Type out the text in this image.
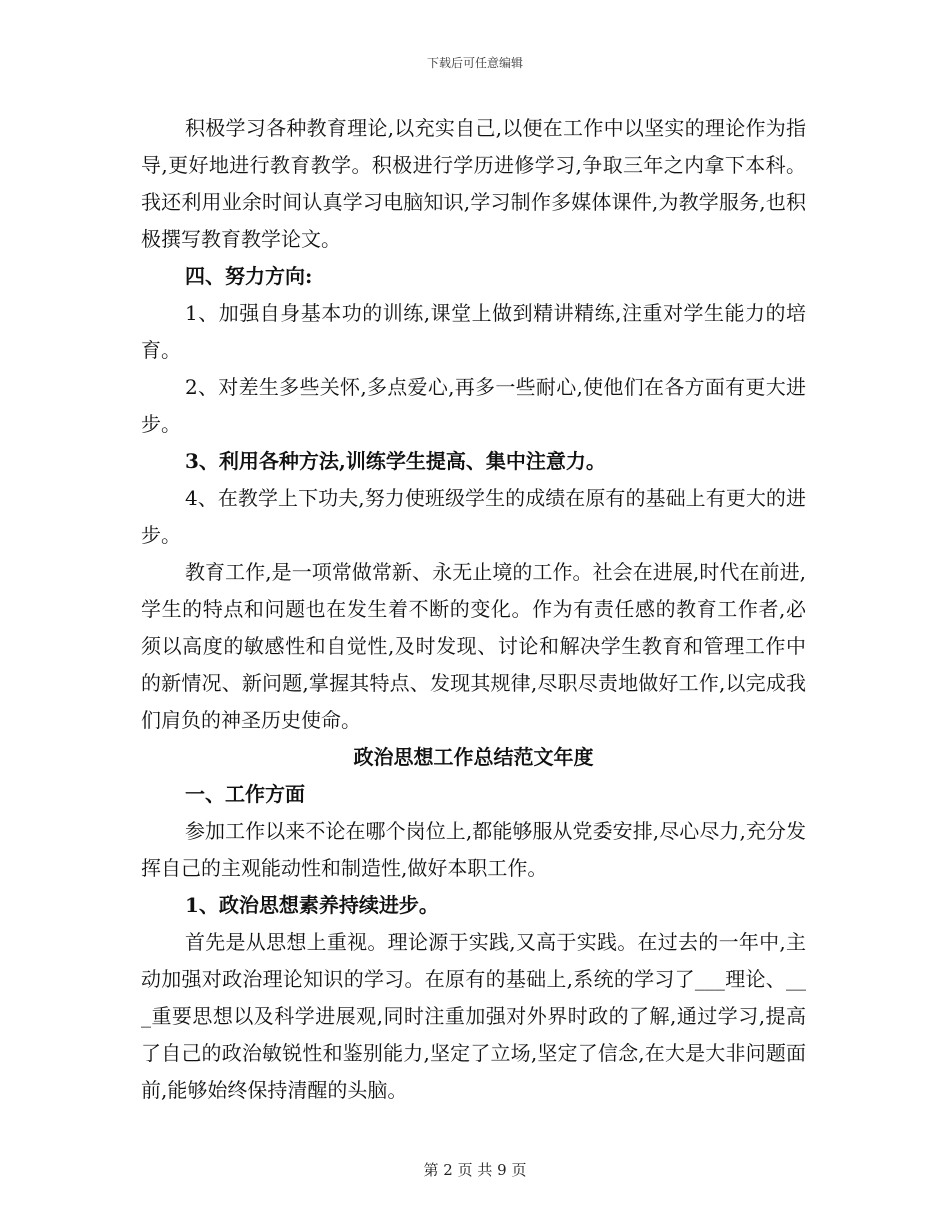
下载后可任意编辑

积极学习各种教育理论,以充实自己,以便在工作中以坚实的理论作为指导,更好地进行教育教学。积极进行学历进修学习,争取三年之内拿下本科。我还利用业余时间认真学习电脑知识,学习制作多媒体课件,为教学服务,也积极撰写教育教学论文。

四、努力方向:

1、加强自身基本功的训练,课堂上做到精讲精练,注重对学生能力的培育。

2、对差生多些关怀,多点爱心,再多一些耐心,使他们在各方面有更大进步。

3、利用各种方法,训练学生提高、集中注意力。

4、在教学上下功夫,努力使班级学生的成绩在原有的基础上有更大的进步。

教育工作,是一项常做常新、永无止境的工作。社会在进展,时代在前进,学生的特点和问题也在发生着不断的变化。作为有责任感的教育工作者,必须以高度的敏感性和自觉性,及时发现、讨论和解决学生教育和管理工作中的新情况、新问题,掌握其特点、发现其规律,尽职尽责地做好工作,以完成我们肩负的神圣历史使命。

政治思想工作总结范文年度

一、工作方面

参加工作以来不论在哪个岗位上,都能够服从党委安排,尽心尽力,充分发挥自己的主观能动性和制造性,做好本职工作。

1、政治思想素养持续进步。

首先是从思想上重视。理论源于实践,又高于实践。在过去的一年中,主动加强对政治理论知识的学习。在原有的基础上,系统的学习了___理论、___重要思想以及科学进展观,同时注重加强对外界时政的了解,通过学习,提高了自己的政治敏锐性和鉴别能力,坚定了立场,坚定了信念,在大是大非问题面前,能够始终保持清醒的头脑。

第 2 页 共 9 页
